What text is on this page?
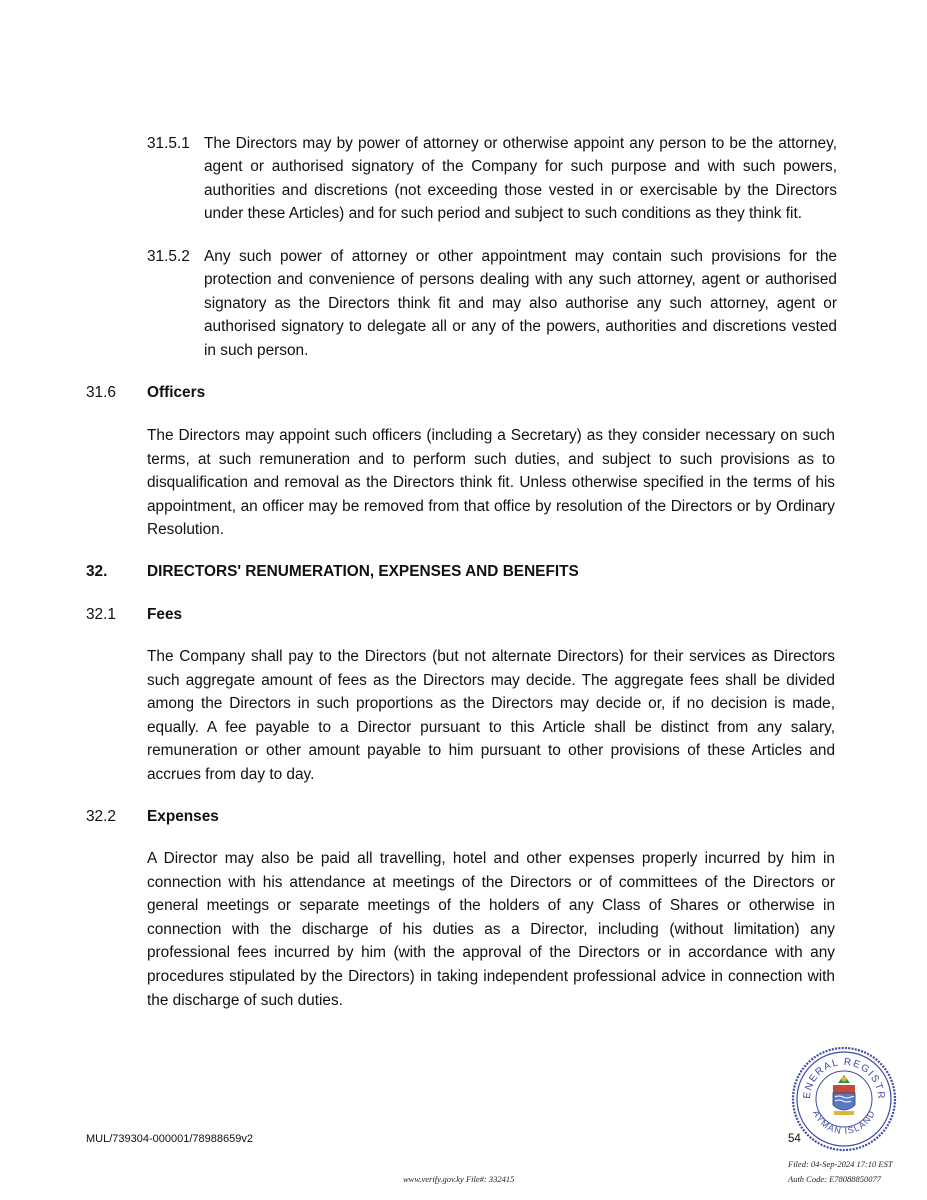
31.5.1 The Directors may by power of attorney or otherwise appoint any person to be the attorney, agent or authorised signatory of the Company for such purpose and with such powers, authorities and discretions (not exceeding those vested in or exercisable by the Directors under these Articles) and for such period and subject to such conditions as they think fit.
31.5.2 Any such power of attorney or other appointment may contain such provisions for the protection and convenience of persons dealing with any such attorney, agent or authorised signatory as the Directors think fit and may also authorise any such attorney, agent or authorised signatory to delegate all or any of the powers, authorities and discretions vested in such person.
31.6 Officers
The Directors may appoint such officers (including a Secretary) as they consider necessary on such terms, at such remuneration and to perform such duties, and subject to such provisions as to disqualification and removal as the Directors think fit. Unless otherwise specified in the terms of his appointment, an officer may be removed from that office by resolution of the Directors or by Ordinary Resolution.
32.	DIRECTORS' RENUMERATION, EXPENSES AND BENEFITS
32.1 Fees
The Company shall pay to the Directors (but not alternate Directors) for their services as Directors such aggregate amount of fees as the Directors may decide. The aggregate fees shall be divided among the Directors in such proportions as the Directors may decide or, if no decision is made, equally. A fee payable to a Director pursuant to this Article shall be distinct from any salary, remuneration or other amount payable to him pursuant to other provisions of these Articles and accrues from day to day.
32.2 Expenses
A Director may also be paid all travelling, hotel and other expenses properly incurred by him in connection with his attendance at meetings of the Directors or of committees of the Directors or general meetings or separate meetings of the holders of any Class of Shares or otherwise in connection with the discharge of his duties as a Director, including (without limitation) any professional fees incurred by him (with the approval of the Directors or in accordance with any procedures stipulated by the Directors) in taking independent professional advice in connection with the discharge of such duties.
MUL/739304-000001/78988659v2	54
ENERAL REGISTR
AYMAN ISLAND
Filed: 04-Sep-2024 17:10 EST
Auth Code: E78088850077
www.verify.gov.ky File#: 332415
